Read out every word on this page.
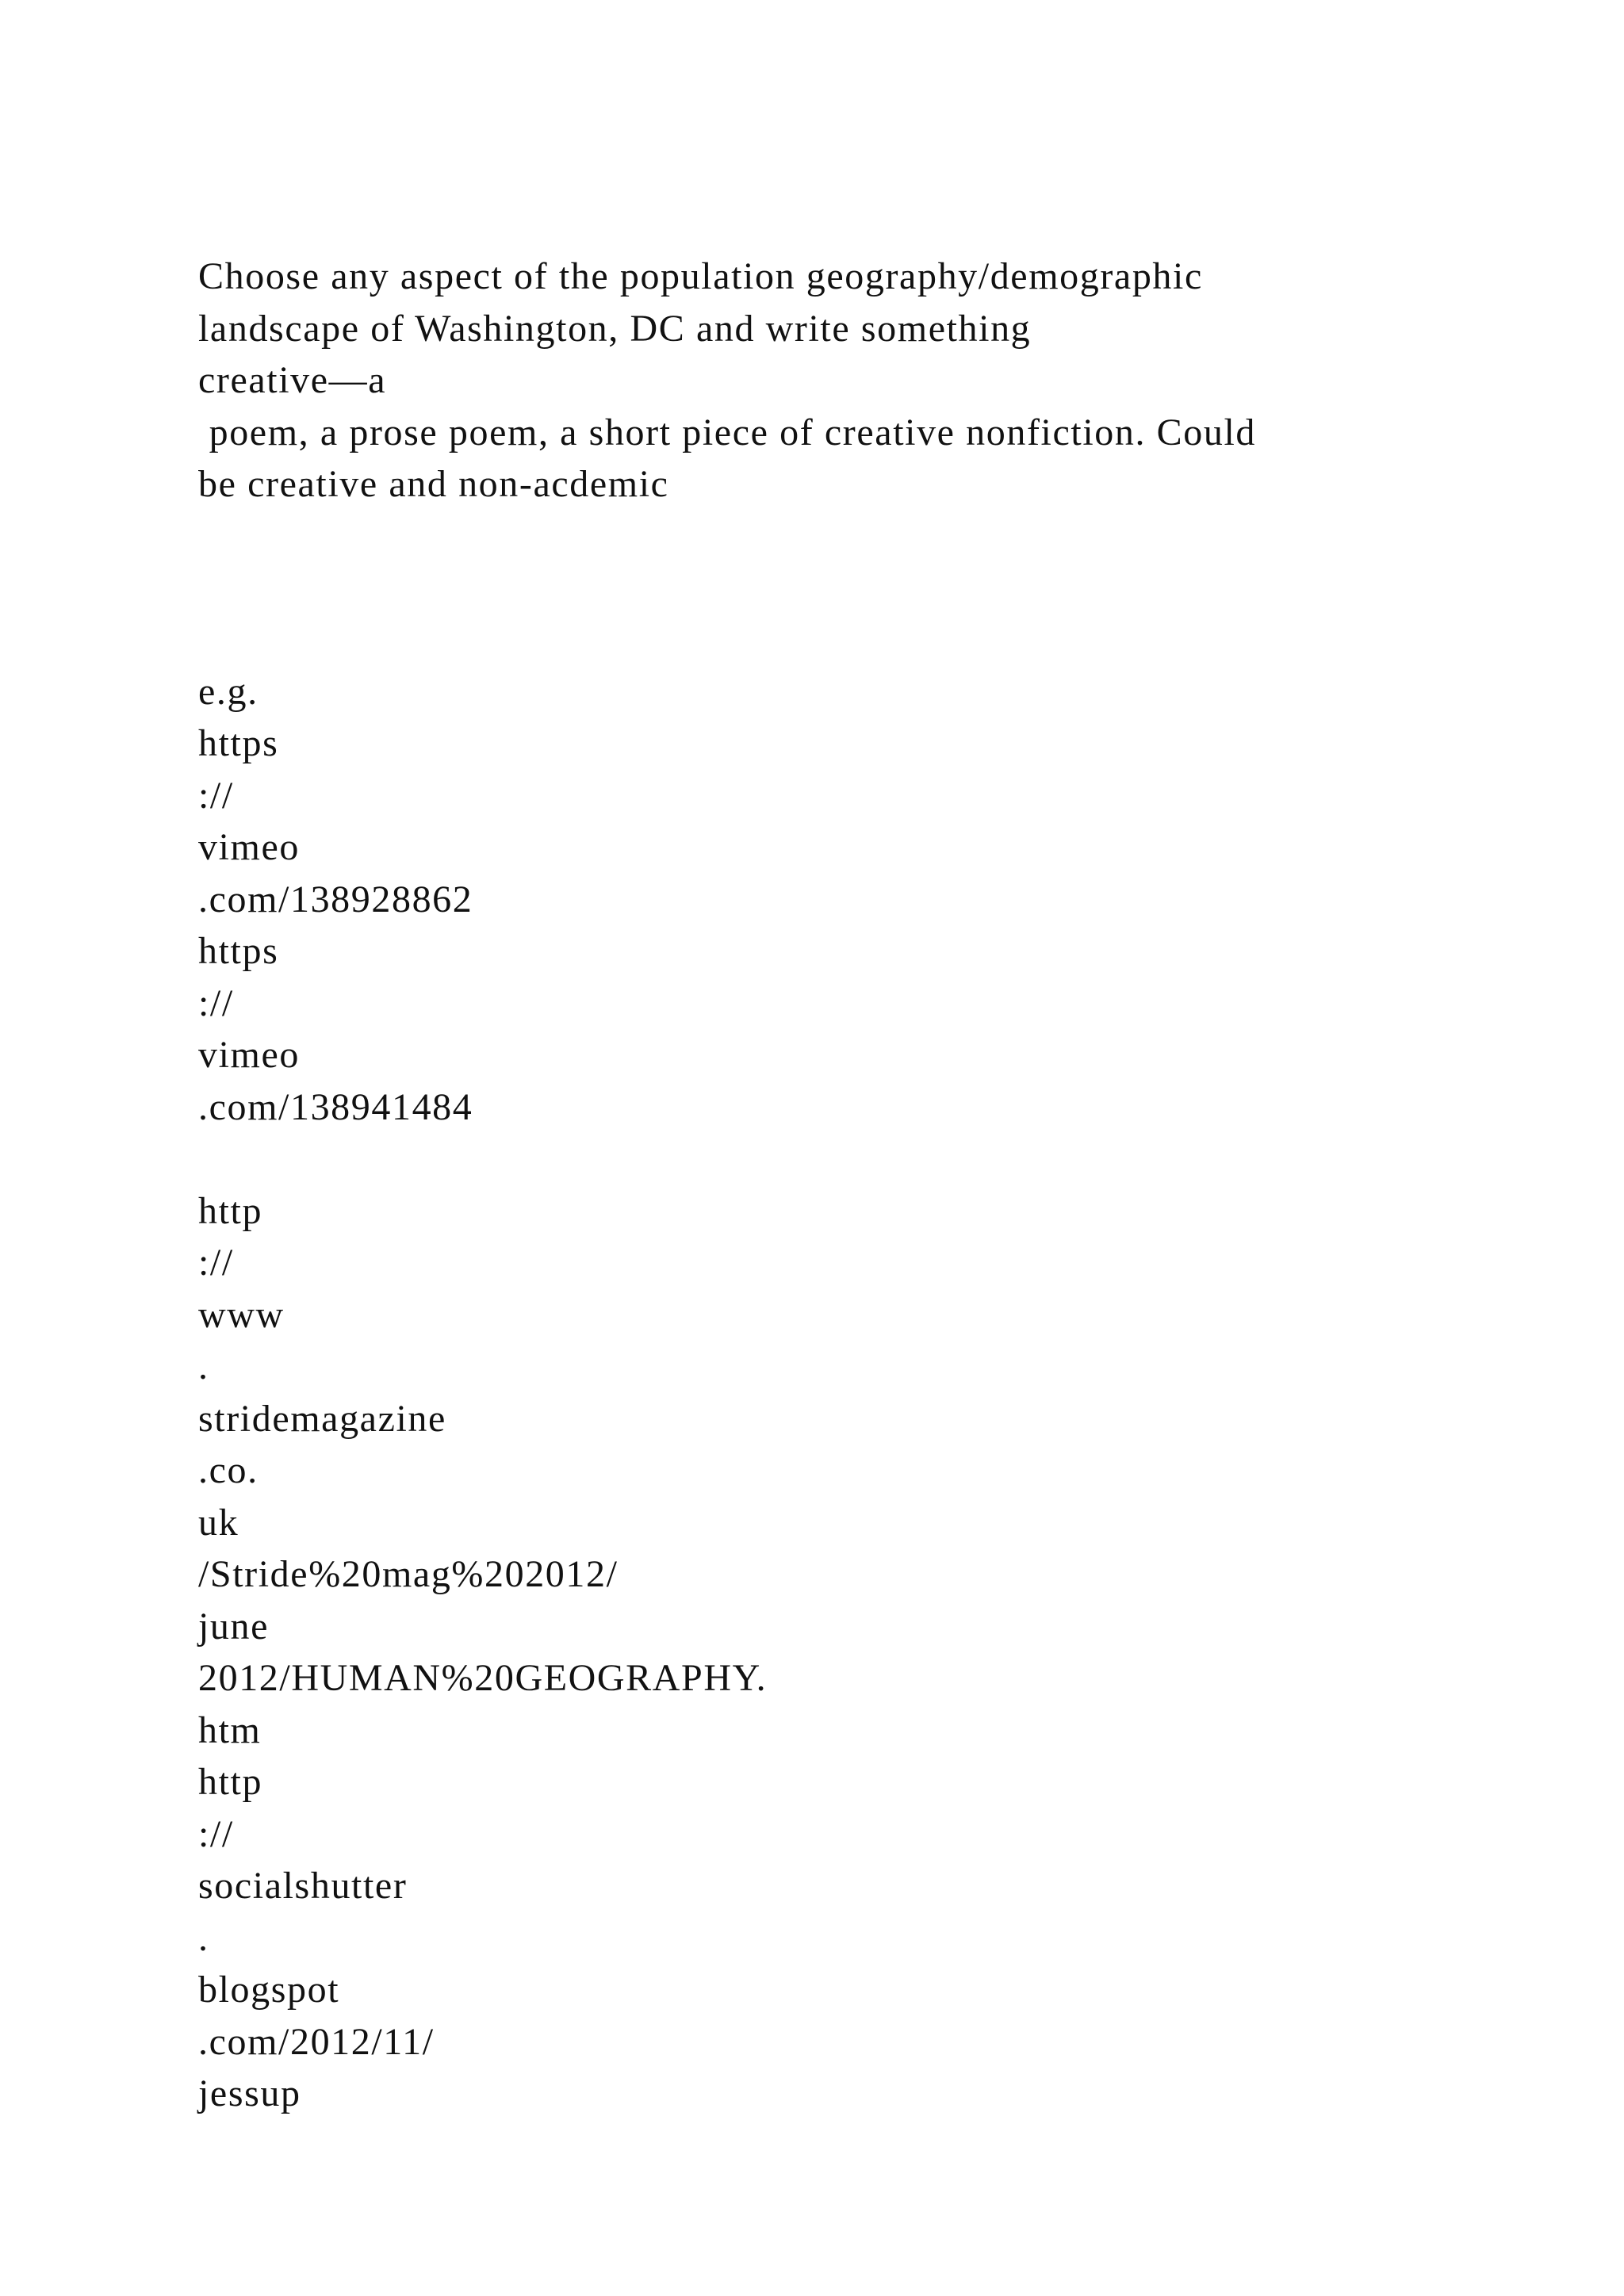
Choose any aspect of the population geography/demographic
landscape of Washington, DC and write something
creative—a
poem, a prose poem, a short piece of creative nonfiction. Could
be creative and non-acdemic
e.g.
https
://
vimeo
.com/138928862
https
://
vimeo
.com/138941484
http
://
www
.
stridemagazine
.co.
uk
/Stride%20mag%202012/
june
2012/HUMAN%20GEOGRAPHY.
htm
http
://
socialshutter
.
blogspot
.com/2012/11/
jessup
